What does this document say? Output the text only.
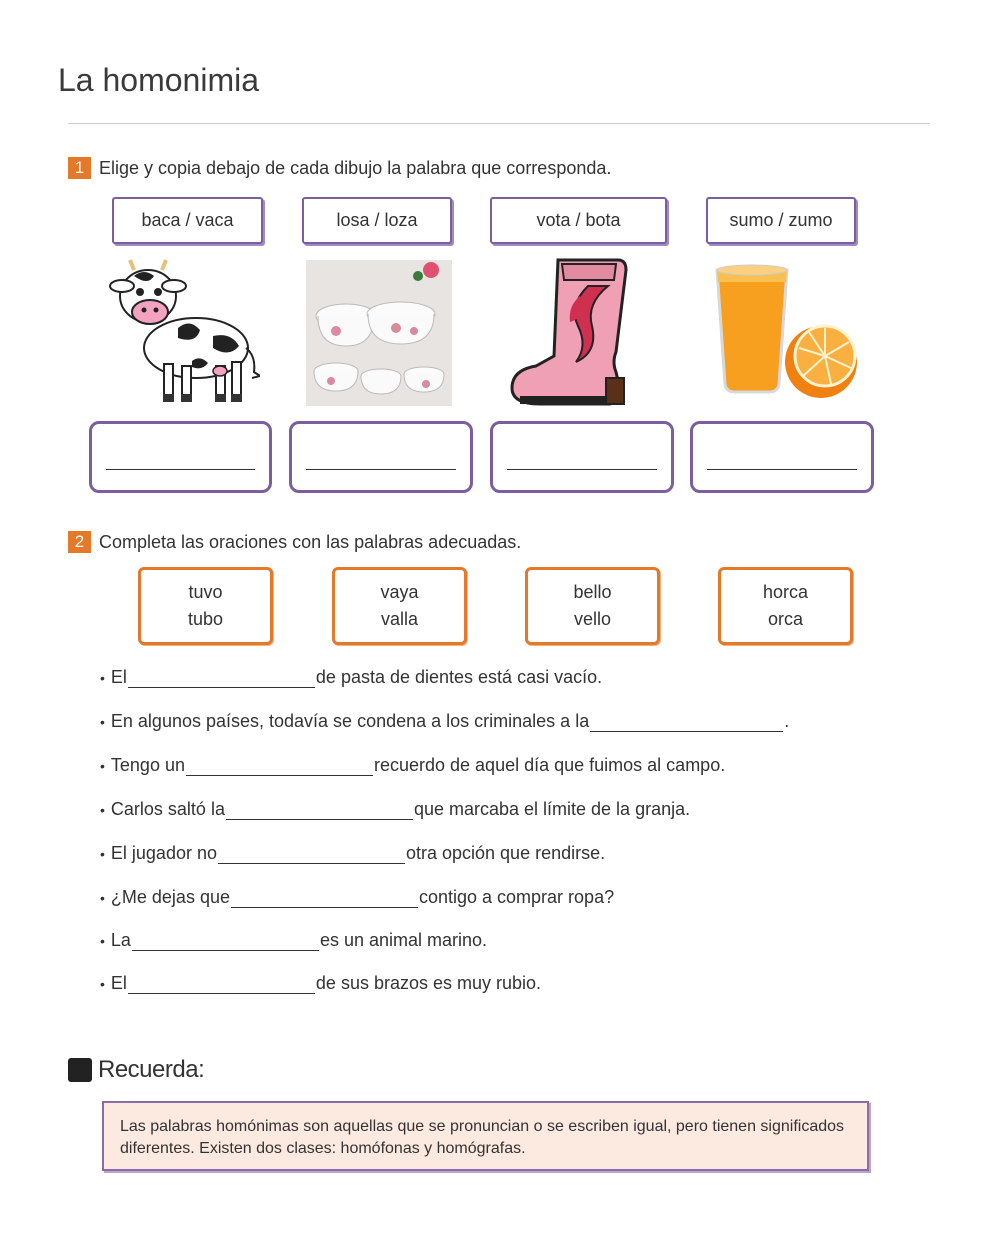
La homonimia
1 Elige y copia debajo de cada dibujo la palabra que corresponda.
baca / vaca	losa / loza	vota / bota	sumo / zumo
2 Completa las oraciones con las palabras adecuadas.
tuvo
tubo
vaya
valla
bello
vello
horca
orca
• El	de pasta de dientes está casi vacío.
• En algunos países, todavía se condena a los criminales a la	.
• Tengo un	recuerdo de aquel día que fuimos al campo.
• Carlos saltó la	que marcaba el límite de la granja.
• El jugador no	otra opción que rendirse.
• ¿Me dejas que	contigo a comprar ropa?
• La	es un animal marino.
• El	de sus brazos es muy rubio.
Recuerda:
Las palabras homónimas son aquellas que se pronuncian o se escriben igual, pero tienen significados diferentes. Existen dos clases: homófonas y homógrafas.
